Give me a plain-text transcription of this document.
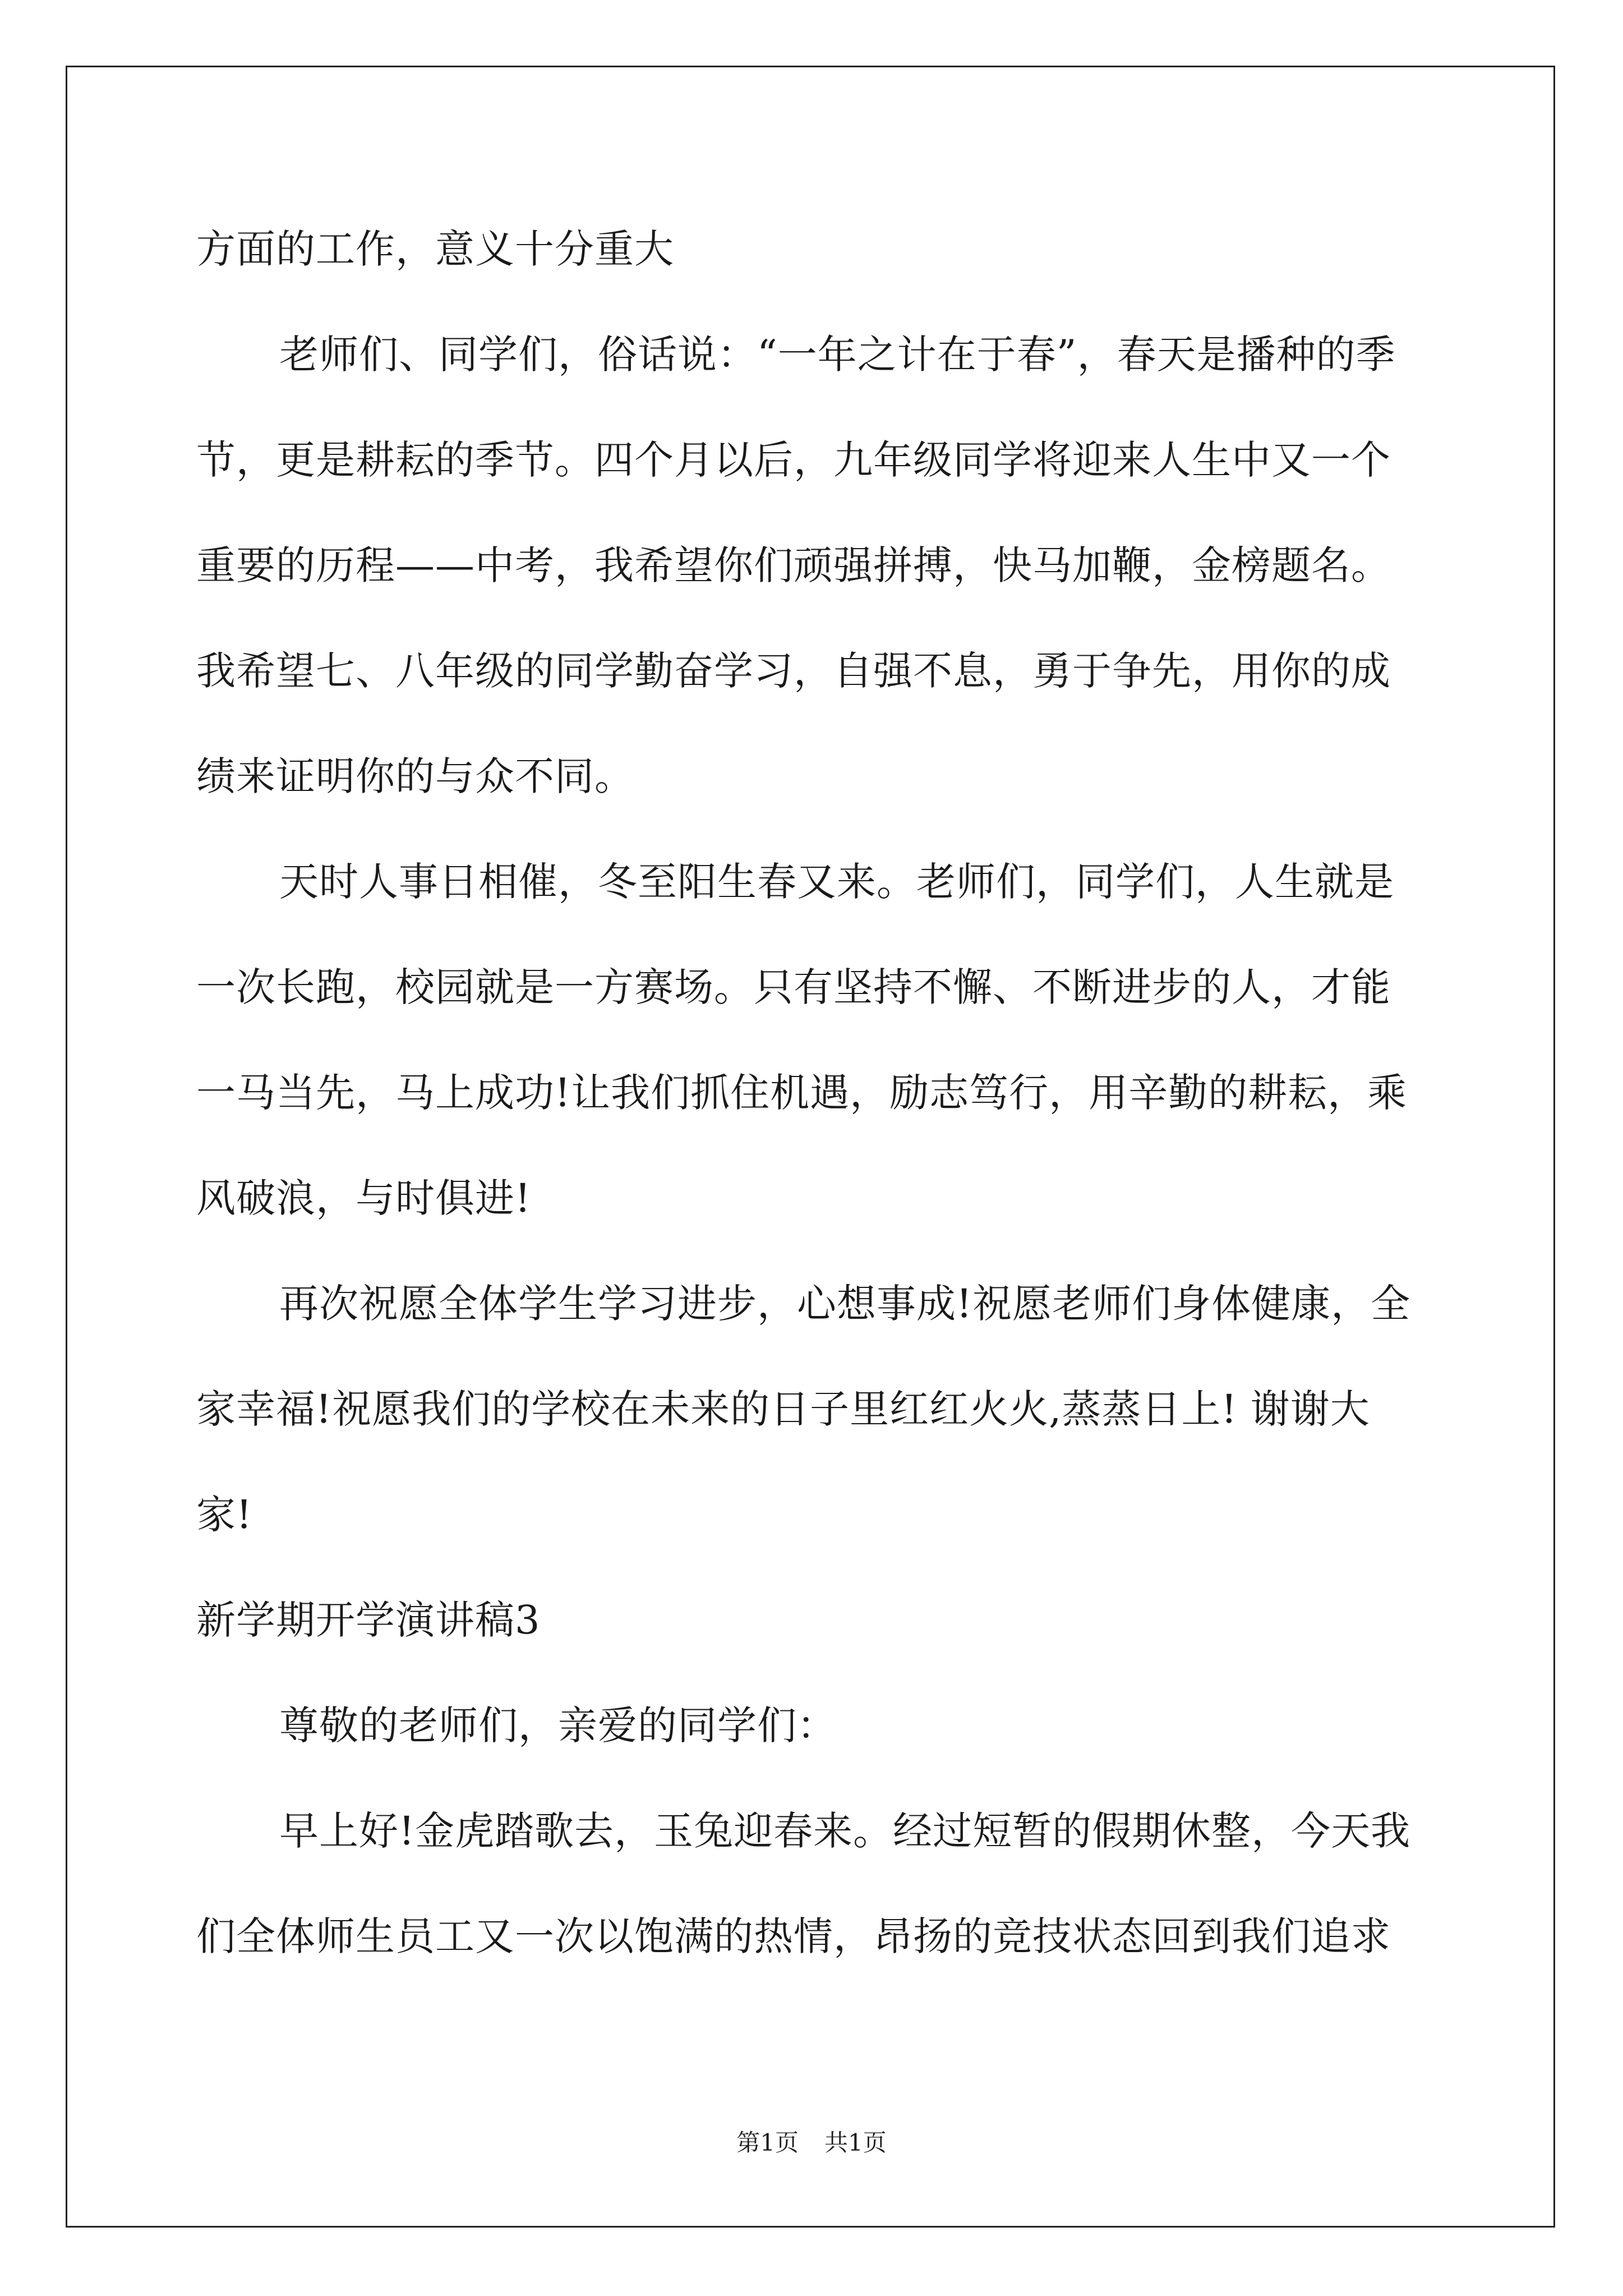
方面的工作，意义十分重大
老师们、同学们，俗话说：“一年之计在于春”，春天是播种的季
节，更是耕耘的季节。四个月以后，九年级同学将迎来人生中又一个
重要的历程——中考，我希望你们顽强拼搏，快马加鞭，金榜题名。
我希望七、八年级的同学勤奋学习，自强不息，勇于争先，用你的成
绩来证明你的与众不同。
天时人事日相催，冬至阳生春又来。老师们，同学们，人生就是
一次长跑，校园就是一方赛场。只有坚持不懈、不断进步的人，才能
一马当先，马上成功!让我们抓住机遇，励志笃行，用辛勤的耕耘，乘
风破浪，与时俱进!
再次祝愿全体学生学习进步，心想事成!祝愿老师们身体健康，全
家幸福!祝愿我们的学校在未来的日子里红红火火,蒸蒸日上! 谢谢大
家!
新学期开学演讲稿3
尊敬的老师们，亲爱的同学们：
早上好!金虎踏歌去，玉兔迎春来。经过短暂的假期休整，今天我
们全体师生员工又一次以饱满的热情，昂扬的竞技状态回到我们追求
第1页 共1页
